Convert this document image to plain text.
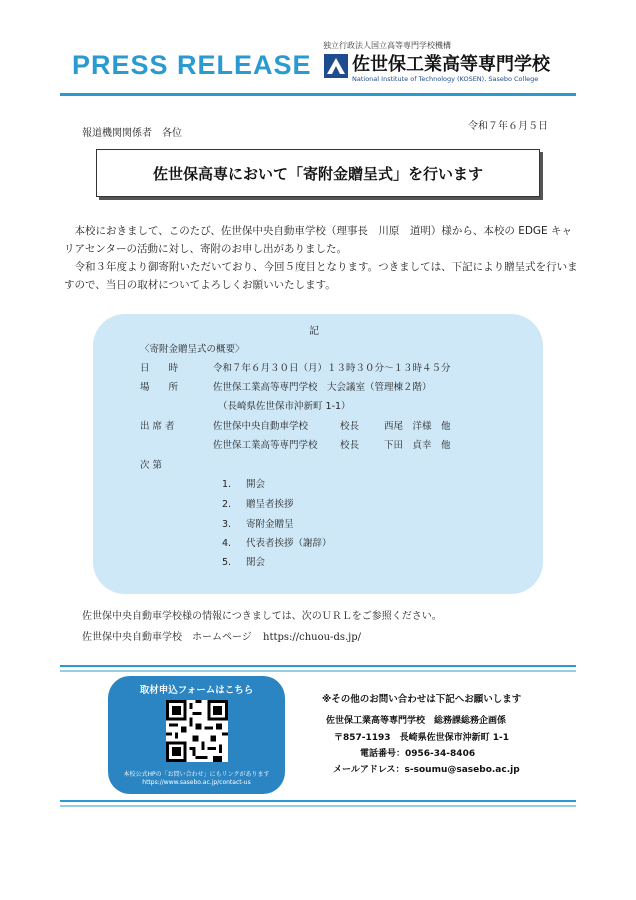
PRESS RELEASE
独立行政法人国立高等専門学校機構
佐世保工業高等専門学校
National Institute of Technology (KOSEN), Sasebo College
令和７年６月５日
報道機関関係者　各位
佐世保高専において「寄附金贈呈式」を行います

本校におきまして、このたび、佐世保中央自動車学校（理事長　川原　道明）様から、本校の EDGE キャリアセンターの活動に対し、寄附のお申し出がありました。

令和３年度より御寄附いただいており、今回５度目となります。つきましては、下記により贈呈式を行いますので、当日の取材についてよろしくお願いいたします。

記
〈寄附金贈呈式の概要〉
日　　時	令和７年６月３０日（月）１３時３０分～１３時４５分
場　　所	佐世保工業高等専門学校　大会議室（管理棟２階）
（長崎県佐世保市沖新町 1-1）
出 席 者	佐世保中央自動車学校	校長	西尾　洋様　他
佐世保工業高等専門学校 校長	下田　貞幸　他
次 第
1. 開会
2. 贈呈者挨拶
3. 寄附金贈呈
4. 代表者挨拶（謝辞）
5. 閉会
佐世保中央自動車学校様の情報につきましては、次のＵＲＬをご参照ください。
佐世保中央自動車学校　ホームページ https://chuou-ds.jp/
取材申込フォームはこちら
本校公式HPの「お問い合わせ」にもリンクがあります
https://www.sasebo.ac.jp/contact-us
※その他のお問い合わせは下記へお願いします
佐世保工業高等専門学校　総務課総務企画係
〒857-1193　長崎県佐世保市沖新町 1-1
電話番号：0956-34-8406
メールアドレス：s-soumu@sasebo.ac.jp
